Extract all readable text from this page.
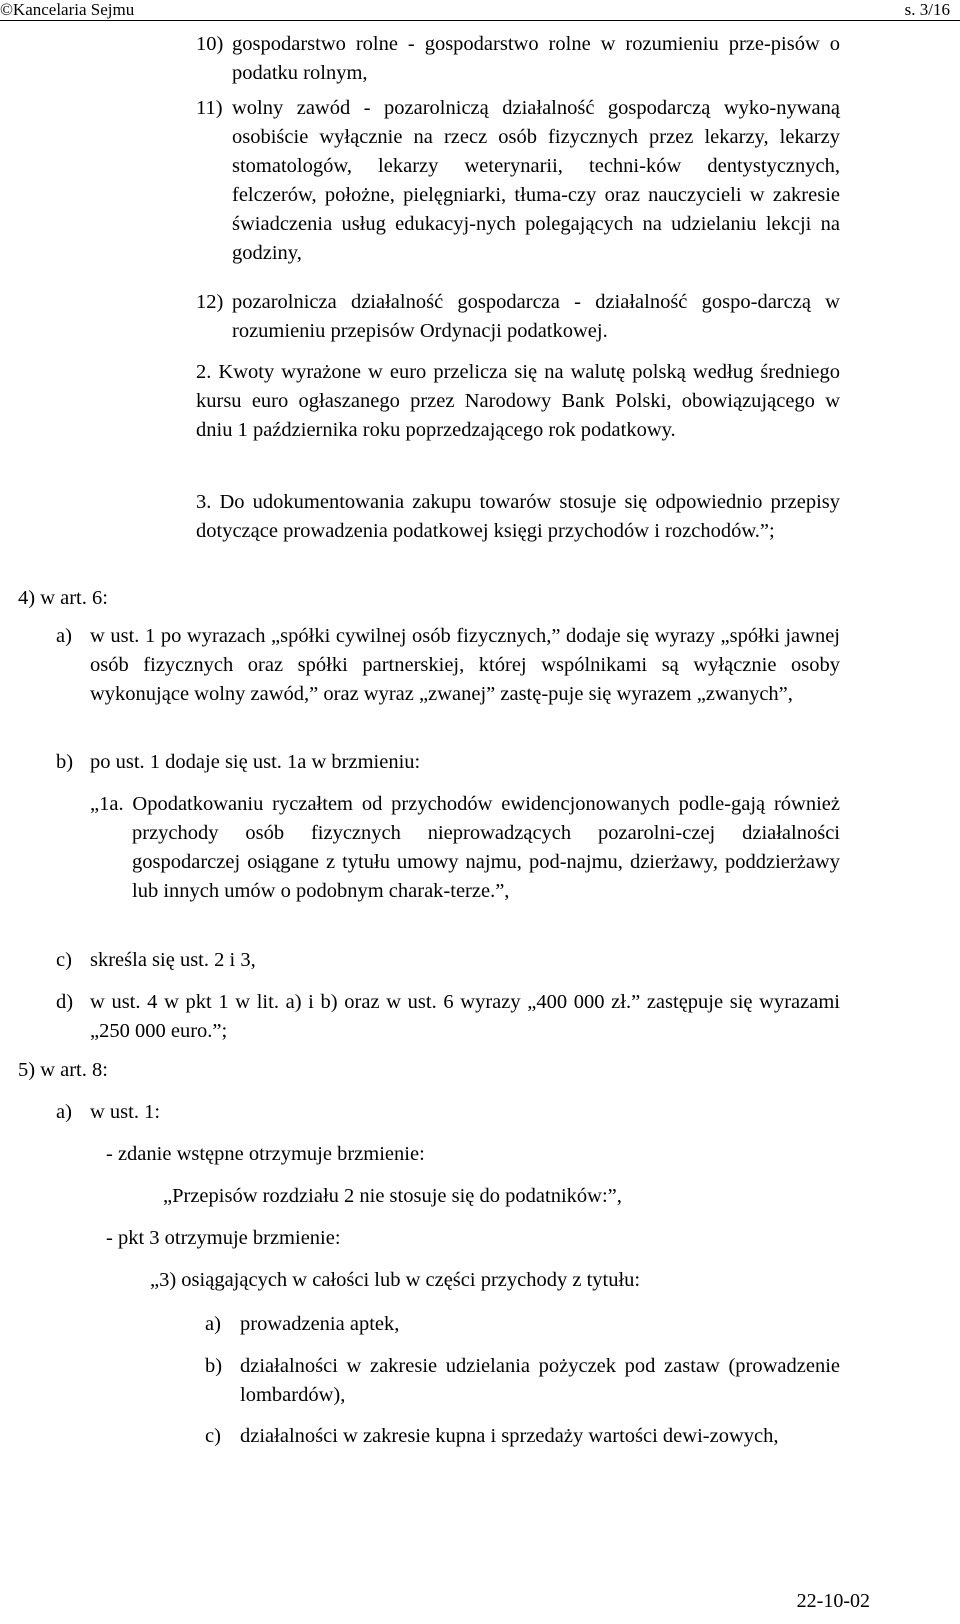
©Kancelaria Sejmu	s. 3/16
10) gospodarstwo rolne - gospodarstwo rolne w rozumieniu prze-pisów o podatku rolnym,
11) wolny zawód - pozarolniczą działalność gospodarczą wyko-nywaną osobiście wyłącznie na rzecz osób fizycznych przez lekarzy, lekarzy stomatologów, lekarzy weterynarii, techni-ków dentystycznych, felczerów, położne, pielęgniarki, tłuma-czy oraz nauczycieli w zakresie świadczenia usług edukacyj-nych polegających na udzielaniu lekcji na godziny,
12) pozarolnicza działalność gospodarcza - działalność gospo-darczą w rozumieniu przepisów Ordynacji podatkowej.
2. Kwoty wyrażone w euro przelicza się na walutę polską według średniego kursu euro ogłaszanego przez Narodowy Bank Polski, obowiązującego w dniu 1 października roku poprzedzającego rok podatkowy.
3. Do udokumentowania zakupu towarów stosuje się odpowiednio przepisy dotyczące prowadzenia podatkowej księgi przychodów i rozchodów.”;
4) w art. 6:
a) w ust. 1 po wyrazach „spółki cywilnej osób fizycznych,” dodaje się wyrazy „spółki jawnej osób fizycznych oraz spółki partnerskiej, której wspólnikami są wyłącznie osoby wykonujące wolny zawód,” oraz wyraz „zwanej” zastę-puje się wyrazem „zwanych”,
b) po ust. 1 dodaje się ust. 1a w brzmieniu:
„1a. Opodatkowaniu ryczałtem od przychodów ewidencjonowanych podle-gają również przychody osób fizycznych nieprowadzących pozarolni-czej działalności gospodarczej osiągane z tytułu umowy najmu, pod-najmu, dzierżawy, poddzierżawy lub innych umów o podobnym charak-terze.”,
c) skreśla się ust. 2 i 3,
d) w ust. 4 w pkt 1 w lit. a) i b) oraz w ust. 6 wyrazy „400 000 zł.” zastępuje się wyrazami „250 000 euro.”;
5) w art. 8:
a) w ust. 1:
- zdanie wstępne otrzymuje brzmienie:
„Przepisów rozdziału 2 nie stosuje się do podatników:”,
- pkt 3 otrzymuje brzmienie:
„3) osiągających w całości lub w części przychody z tytułu:
a) prowadzenia aptek,
b) działalności w zakresie udzielania pożyczek pod zastaw (prowadzenie lombardów),
c) działalności w zakresie kupna i sprzedaży wartości dewi-zowych,
22-10-02
